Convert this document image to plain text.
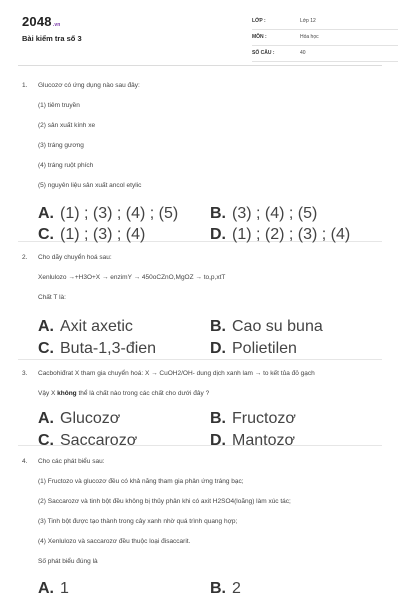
2048.vn
Bài kiểm tra số 3
LỚP :	Lớp 12
MÔN :	Hóa học
SỐ CÂU :	40
1. Glucozơ có ứng dụng nào sau đây:
(1) tiêm truyền
(2) sản xuất kính xe
(3) tráng gương
(4) tráng ruột phích
(5) nguyên liệu sản xuất ancol etylic
A. (1) ; (3) ; (4) ; (5) B. (3) ; (4) ; (5)
C. (1) ; (3) ; (4)	D. (1) ; (2) ; (3) ; (4)
2. Cho dãy chuyển hoá sau:
Xenlulozo →+H3O+X → enzimY → 450oCZnO,MgOZ → to,p,xtT
Chất T là:
A. Axit axetic	B. Cao su buna
C. Buta-1,3-đien	D. Polietilen
3. Cacbohiđrat X tham gia chuyển hoá: X → CuOH2/OH- dung dịch xanh lam → to kết tủa đỏ gạch
Vậy X không thể là chất nào trong các chất cho dưới đây ?
A. Glucozơ	B. Fructozơ
C. Saccarozơ	D. Mantozơ
4. Cho các phát biểu sau:
(1) Fructozo và glucozơ đều có khả năng tham gia phản ứng tráng bạc;
(2) Saccarozơ và tinh bột đều không bị thủy phân khi có axit H2SO4(loãng) làm xúc tác;
(3) Tinh bột được tạo thành trong cây xanh nhờ quá trình quang hợp;
(4) Xenlulozo và saccarozơ đều thuộc loại đisaccarit.
Số phát biểu đúng là
A. 1	B. 2
